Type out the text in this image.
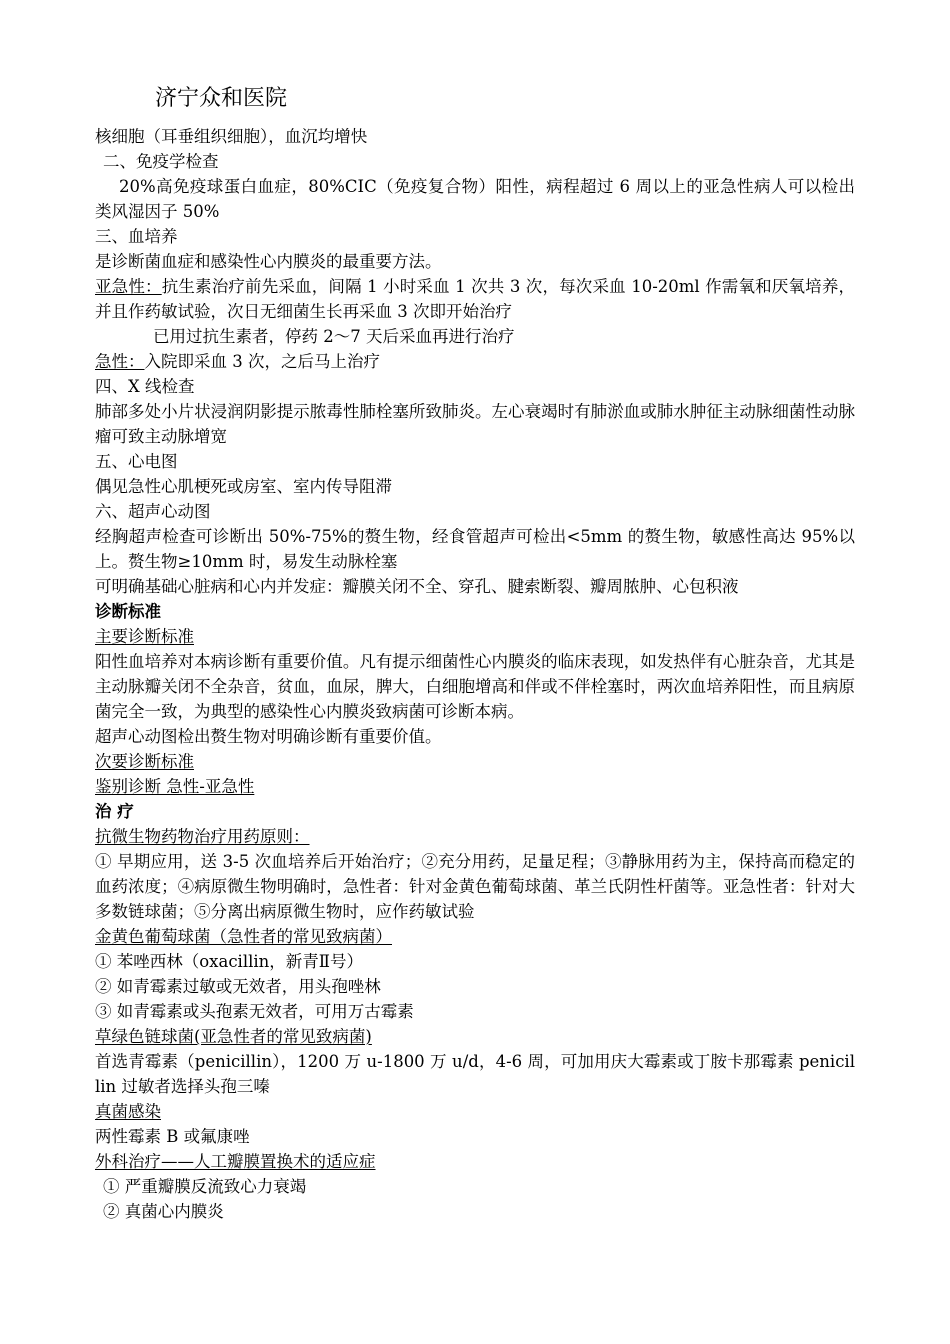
济宁众和医院

核细胞（耳垂组织细胞），血沉均增快

二、免疫学检查

20%高免疫球蛋白血症，80%CIC（免疫复合物）阳性，病程超过 6 周以上的亚急性病人可以检出类风湿因子 50%

三、血培养

是诊断菌血症和感染性心内膜炎的最重要方法。

亚急性：抗生素治疗前先采血，间隔 1 小时采血 1 次共 3 次，每次采血 10-20ml 作需氧和厌氧培养，并且作药敏试验，次日无细菌生长再采血 3 次即开始治疗

已用过抗生素者，停药 2～7 天后采血再进行治疗

急性：入院即采血 3 次，之后马上治疗

四、X 线检查

肺部多处小片状浸润阴影提示脓毒性肺栓塞所致肺炎。左心衰竭时有肺淤血或肺水肿征主动脉细菌性动脉瘤可致主动脉增宽

五、心电图

偶见急性心肌梗死或房室、室内传导阻滞

六、超声心动图

经胸超声检查可诊断出 50%-75%的赘生物，经食管超声可检出<5mm 的赘生物，敏感性高达 95%以上。赘生物≥10mm 时，易发生动脉栓塞

可明确基础心脏病和心内并发症：瓣膜关闭不全、穿孔、腱索断裂、瓣周脓肿、心包积液

诊断标准

主要诊断标准

阳性血培养对本病诊断有重要价值。凡有提示细菌性心内膜炎的临床表现，如发热伴有心脏杂音，尤其是主动脉瓣关闭不全杂音，贫血，血尿，脾大，白细胞增高和伴或不伴栓塞时，两次血培养阳性，而且病原菌完全一致，为典型的感染性心内膜炎致病菌可诊断本病。

超声心动图检出赘生物对明确诊断有重要价值。

次要诊断标准

鉴别诊断 急性-亚急性

治 疗

抗微生物药物治疗用药原则：

① 早期应用，送 3-5 次血培养后开始治疗；②充分用药，足量足程；③静脉用药为主，保持高而稳定的血药浓度；④病原微生物明确时，急性者：针对金黄色葡萄球菌、革兰氏阴性杆菌等。亚急性者：针对大多数链球菌；⑤分离出病原微生物时，应作药敏试验

金黄色葡萄球菌（急性者的常见致病菌）

① 苯唑西林（oxacillin，新青Ⅱ号）

② 如青霉素过敏或无效者，用头孢唑林

③ 如青霉素或头孢素无效者，可用万古霉素

草绿色链球菌(亚急性者的常见致病菌)

首选青霉素（penicillin），1200 万 u-1800 万 u/d，4-6 周，可加用庆大霉素或丁胺卡那霉素 penicillin 过敏者选择头孢三嗪

真菌感染

两性霉素 B 或氟康唑

外科治疗——人工瓣膜置换术的适应症

① 严重瓣膜反流致心力衰竭

② 真菌心内膜炎
